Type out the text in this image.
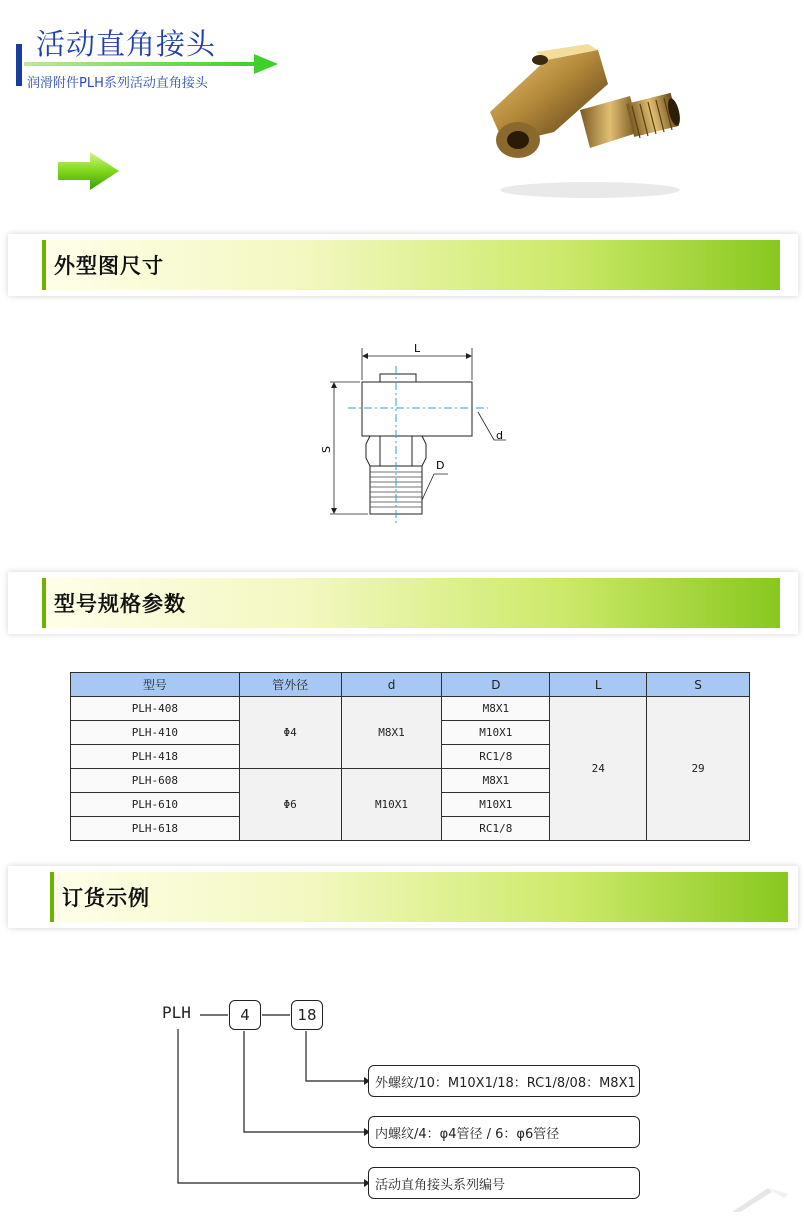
活动直角接头
润滑附件PLH系列活动直角接头
外型图尺寸
L
S
d
D
型号规格参数
型号	管外径	d	D	L	S
PLH-408	Φ4	M8X1	M8X1	24	29
PLH-410			M10X1		
PLH-418			RC1/8		
PLH-608	Φ6	M10X1	M8X1		
PLH-610			M10X1		
PLH-618			RC1/8		
订货示例
PLH	4	18
外螺纹/10：M10X1/18：RC1/8/08：M8X1
内螺纹/4：φ4管径 / 6：φ6管径
活动直角接头系列编号
